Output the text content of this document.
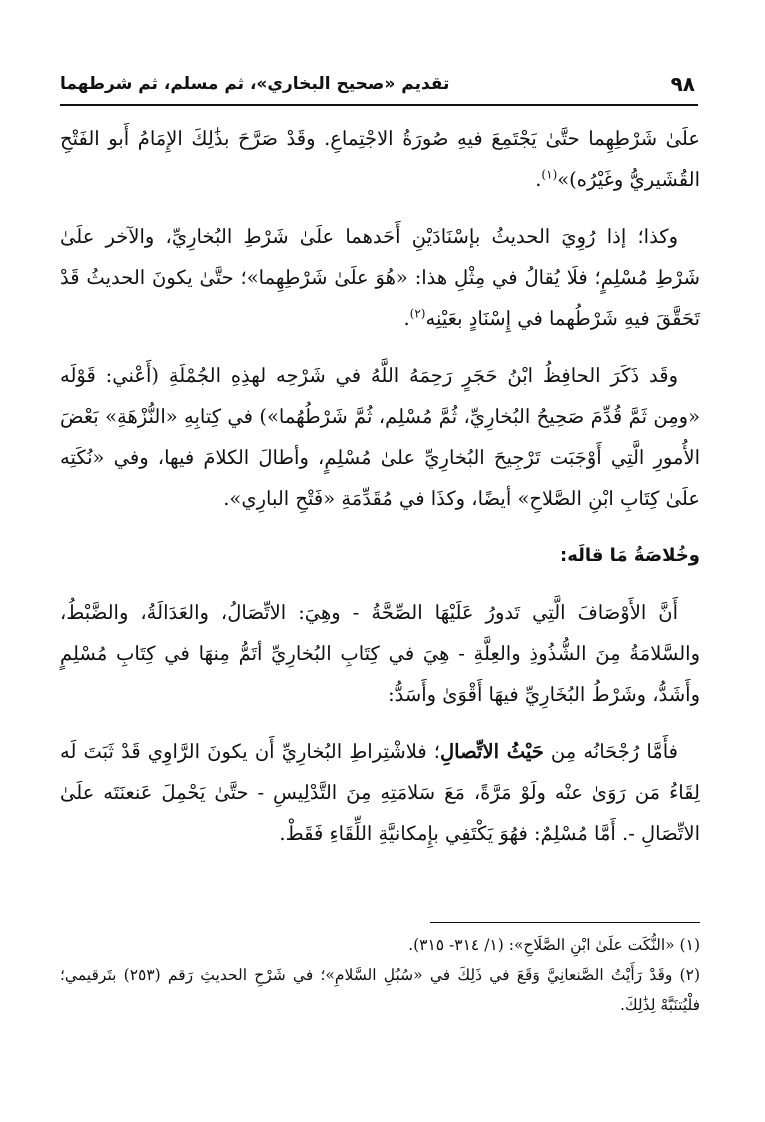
٩٨
تقديم «صحيح البخاري»، ثم مسلم، ثم شرطهما

علَىٰ شَرْطِهِما حتَّىٰ يَجْتَمِعَ فيهِ صُورَةُ الاجْتِماعِ. وقَدْ صَرَّحَ بذَٰلِكَ الإِمَامُ أَبو الفَتْحِ القُشَيريُّ وغَيْرُه)»$^{(١)}$.

وكذا؛ إذا رُوِيَ الحديثُ بإسْنَادَيْنِ أَحَدهما علَىٰ شَرْطِ البُخارِيِّ، والآخر علَىٰ شَرْطِ مُسْلِمٍ؛ فلَا يُقالُ في مِثْلِ هذا: «هُوَ علَىٰ شَرْطِهِما»؛ حتَّىٰ يكونَ الحديثُ قَدْ تَحَقَّقَ فيهِ شَرْطُهما في إِسْنَادٍ بعَيْنِه$^{(٢)}$.

وقَد ذَكَرَ الحافِظُ ابْنُ حَجَرٍ رَحِمَهُ اللَّهُ في شَرْحِه لهذِهِ الجُمْلَةِ (أَعْني: قَوْلَه «ومِن ثَمَّ قُدِّمَ صَحِيحُ البُخارِيِّ، ثُمَّ مُسْلِم، ثُمَّ شَرْطُهُما») في كِتابِهِ «النُّزْهَةِ» بَعْضَ الأُمورِ الَّتِي أَوْجَبَت تَرْجِيحَ البُخارِيِّ علىٰ مُسْلِمٍ، وأطالَ الكلامَ فيها، وفي «نُكَتِه علَىٰ كِتَابِ ابْنِ الصَّلاحِ» أيضًا، وكذَا في مُقَدِّمَةِ «فَتْحِ البارِي».

وخُلاصَةُ مَا قالَه:

أَنَّ الأَوْصَافَ الَّتِي تَدورُ عَلَيْهَا الصِّحَّةُ - وهِيَ: الاتِّصَالُ، والعَدَالَةُ، والضَّبْطُ، والسَّلامَةُ مِنَ الشُّذُوذِ والعِلَّةِ - هِيَ في كِتَابِ البُخارِيِّ أتَمُّ مِنهَا في كِتَابِ مُسْلِمٍ وأَشَدُّ، وشَرْطُ البُخَارِيِّ فيهَا أَقْوَىٰ وأَسَدُّ:

فأَمَّا رُجْحَانُه مِن حَيْثُ الاتِّصالِ؛ فلاشْتِراطِ البُخارِيِّ أَن يكونَ الرَّاوِي قَدْ ثَبَتَ لَه لِقَاءُ مَن رَوَىٰ عنْه ولَوْ مَرَّةً، مَعَ سَلامَتِهِ مِنَ التَّدْلِيسِ - حتَّىٰ يَحْمِلَ عَنعنَتَه علَىٰ الاتِّصَالِ -. أَمَّا مُسْلِمٌ: فهُوَ يَكْتَفِي بإِمكانيَّةِ اللِّقَاءِ فَقَطْ.

(١) «النُّكَت علَىٰ ابْنِ الصَّلَاحِ»: (١/ ٣١٤- ٣١٥).

(٢) وقَدْ رَأَيْتُ الصَّنعانِيَّ وَقَعَ في ذَلِكَ في «سُبُلِ السَّلامِ»؛ في شَرْحِ الحديثِ رَقم (٢٥٣) بتَرقيمي؛ فلْيُتنَبَّهْ لِذَٰلِكَ.
